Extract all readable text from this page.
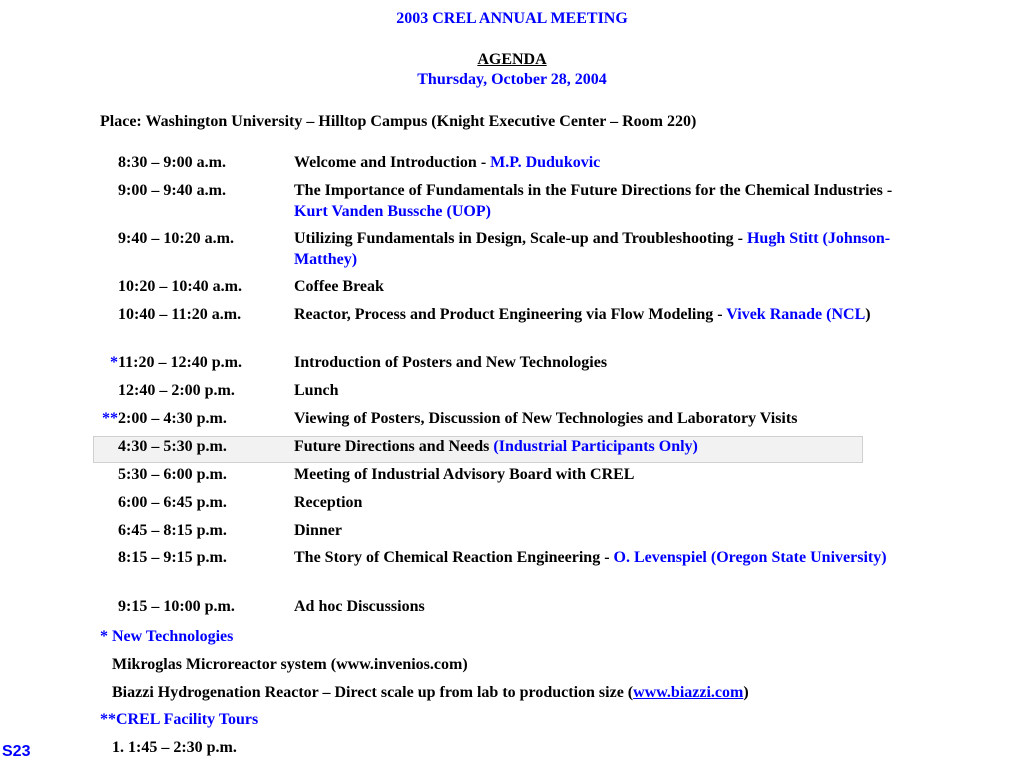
2003 CREL ANNUAL MEETING
AGENDA
Thursday, October 28, 2004
Place: Washington University – Hilltop Campus (Knight Executive Center – Room 220)
8:30 – 9:00 a.m.	Welcome and Introduction - M.P. Dudukovic
9:00 – 9:40 a.m.	The Importance of Fundamentals in the Future Directions for the Chemical Industries - Kurt Vanden Bussche (UOP)
9:40 – 10:20 a.m.	Utilizing Fundamentals in Design, Scale-up and Troubleshooting - Hugh Stitt (Johnson-Matthey)
10:20 – 10:40 a.m.	Coffee Break
10:40 – 11:20 a.m.	Reactor, Process and Product Engineering via Flow Modeling - Vivek Ranade (NCL)
* 11:20 – 12:40 p.m.	Introduction of Posters and New Technologies
12:40 – 2:00 p.m.	Lunch
** 2:00 – 4:30 p.m.	Viewing of Posters, Discussion of New Technologies and Laboratory Visits
4:30 – 5:30 p.m.	Future Directions and Needs (Industrial Participants Only)
5:30 – 6:00 p.m.	Meeting of Industrial Advisory Board with CREL
6:00 – 6:45 p.m.	Reception
6:45 – 8:15 p.m.	Dinner
8:15 – 9:15 p.m.	The Story of Chemical Reaction Engineering - O. Levenspiel (Oregon State University)
9:15 – 10:00 p.m.	Ad hoc Discussions
* New Technologies
Mikroglas Microreactor system (www.invenios.com)
Biazzi Hydrogenation Reactor – Direct scale up from lab to production size (www.biazzi.com)
**CREL Facility Tours
1. 1:45 – 2:30 p.m.
S23
